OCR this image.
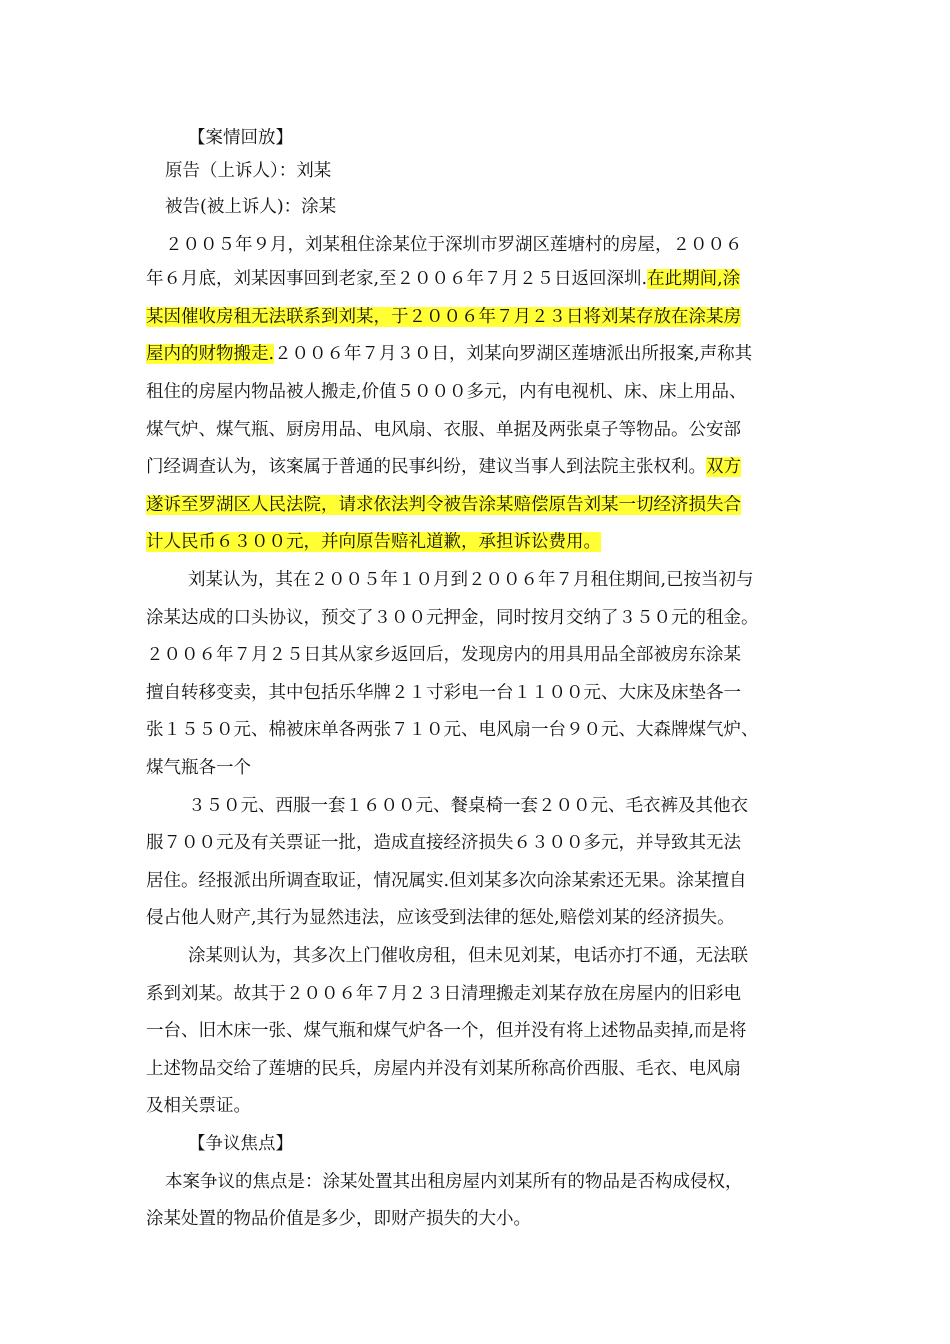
【案情回放】
原告（上诉人）：刘某
被告(被上诉人)：涂某
２００５年９月，刘某租住涂某位于深圳市罗湖区莲塘村的房屋，２００６
年６月底，刘某因事回到老家,至２００６年７月２５日返回深圳.在此期间,涂
某因催收房租无法联系到刘某，于２００６年７月２３日将刘某存放在涂某房
屋内的财物搬走.２００６年７月３０日，刘某向罗湖区莲塘派出所报案,声称其
租住的房屋内物品被人搬走,价值５０００多元，内有电视机、床、床上用品、
煤气炉、煤气瓶、厨房用品、电风扇、衣服、单据及两张桌子等物品。公安部
门经调查认为，该案属于普通的民事纠纷，建议当事人到法院主张权利。双方
遂诉至罗湖区人民法院，请求依法判令被告涂某赔偿原告刘某一切经济损失合
计人民币６３００元，并向原告赔礼道歉，承担诉讼费用。
刘某认为，其在２００５年１０月到２００６年７月租住期间,已按当初与
涂某达成的口头协议，预交了３００元押金，同时按月交纳了３５０元的租金。
２００６年７月２５日其从家乡返回后，发现房内的用具用品全部被房东涂某
擅自转移变卖，其中包括乐华牌２１寸彩电一台１１００元、大床及床垫各一
张１５５０元、棉被床单各两张７１０元、电风扇一台９０元、大森牌煤气炉、
煤气瓶各一个
３５０元、西服一套１６００元、餐桌椅一套２００元、毛衣裤及其他衣
服７００元及有关票证一批，造成直接经济损失６３００多元，并导致其无法
居住。经报派出所调查取证，情况属实.但刘某多次向涂某索还无果。涂某擅自
侵占他人财产,其行为显然违法，应该受到法律的惩处,赔偿刘某的经济损失。
涂某则认为，其多次上门催收房租，但未见刘某，电话亦打不通，无法联
系到刘某。故其于２００６年７月２３日清理搬走刘某存放在房屋内的旧彩电
一台、旧木床一张、煤气瓶和煤气炉各一个，但并没有将上述物品卖掉,而是将
上述物品交给了莲塘的民兵，房屋内并没有刘某所称高价西服、毛衣、电风扇
及相关票证。
【争议焦点】
本案争议的焦点是：涂某处置其出租房屋内刘某所有的物品是否构成侵权，
涂某处置的物品价值是多少，即财产损失的大小。
